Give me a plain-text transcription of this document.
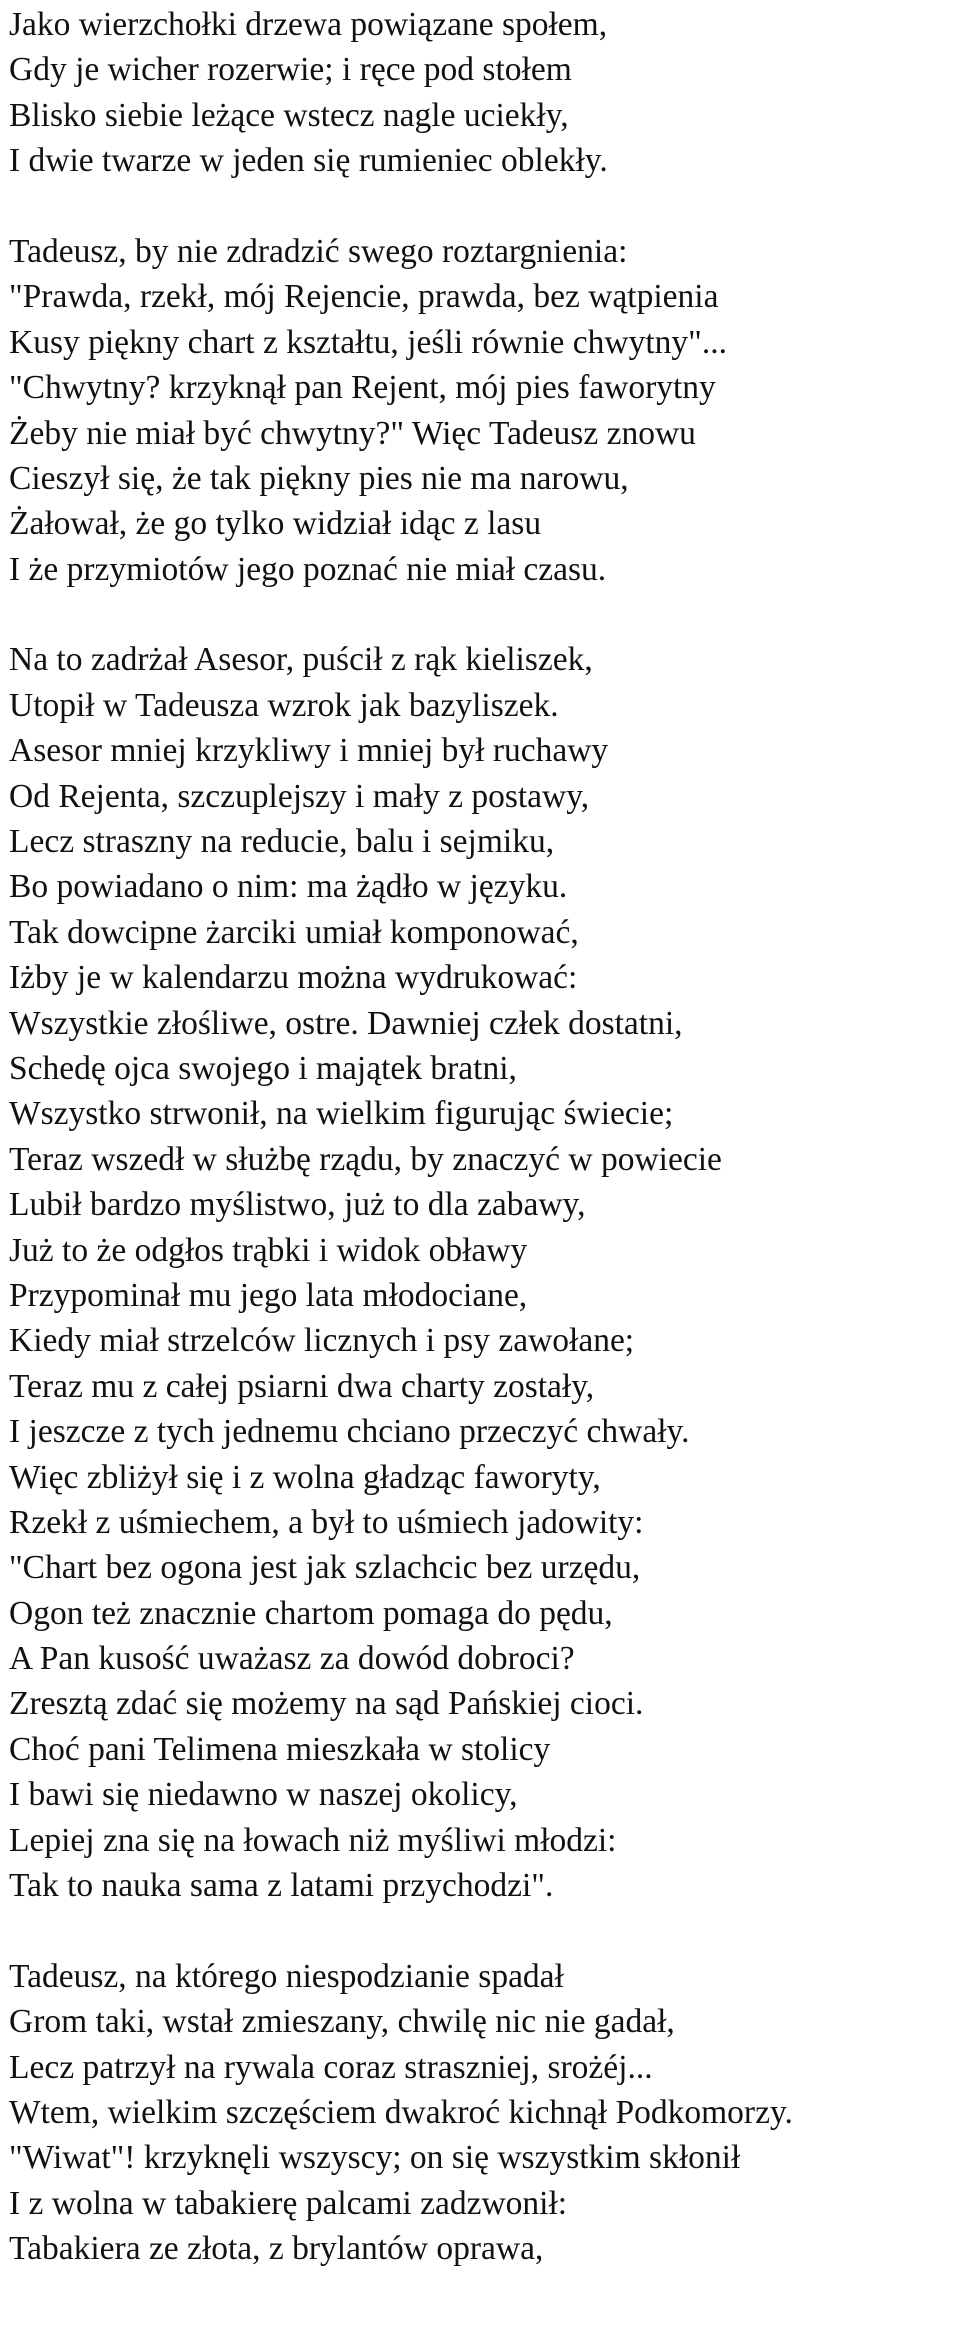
Jako wierzchołki drzewa powiązane społem,
Gdy je wicher rozerwie; i ręce pod stołem
Blisko siebie leżące wstecz nagle uciekły,
I dwie twarze w jeden się rumieniec oblekły.
Tadeusz, by nie zdradzić swego roztargnienia:
"Prawda, rzekł, mój Rejencie, prawda, bez wątpienia
Kusy piękny chart z kształtu, jeśli równie chwytny"...
"Chwytny? krzyknął pan Rejent, mój pies faworytny
Żeby nie miał być chwytny?" Więc Tadeusz znowu
Cieszył się, że tak piękny pies nie ma narowu,
Żałował, że go tylko widział idąc z lasu
I że przymiotów jego poznać nie miał czasu.
Na to zadrżał Asesor, puścił z rąk kieliszek,
Utopił w Tadeusza wzrok jak bazyliszek.
Asesor mniej krzykliwy i mniej był ruchawy
Od Rejenta, szczuplejszy i mały z postawy,
Lecz straszny na reducie, balu i sejmiku,
Bo powiadano o nim: ma żądło w języku.
Tak dowcipne żarciki umiał komponować,
Iżby je w kalendarzu można wydrukować:
Wszystkie złośliwe, ostre. Dawniej człek dostatni,
Schedę ojca swojego i majątek bratni,
Wszystko strwonił, na wielkim figurując świecie;
Teraz wszedł w służbę rządu, by znaczyć w powiecie
Lubił bardzo myślistwo, już to dla zabawy,
Już to że odgłos trąbki i widok obławy
Przypominał mu jego lata młodociane,
Kiedy miał strzelców licznych i psy zawołane;
Teraz mu z całej psiarni dwa charty zostały,
I jeszcze z tych jednemu chciano przeczyć chwały.
Więc zbliżył się i z wolna gładząc faworyty,
Rzekł z uśmiechem, a był to uśmiech jadowity:
"Chart bez ogona jest jak szlachcic bez urzędu,
Ogon też znacznie chartom pomaga do pędu,
A Pan kusość uważasz za dowód dobroci?
Zresztą zdać się możemy na sąd Pańskiej cioci.
Choć pani Telimena mieszkała w stolicy
I bawi się niedawno w naszej okolicy,
Lepiej zna się na łowach niż myśliwi młodzi:
Tak to nauka sama z latami przychodzi".
Tadeusz, na którego niespodzianie spadał
Grom taki, wstał zmieszany, chwilę nic nie gadał,
Lecz patrzył na rywala coraz straszniej, srożéj...
Wtem, wielkim szczęściem dwakroć kichnął Podkomorzy.
"Wiwat"! krzyknęli wszyscy; on się wszystkim skłonił
I z wolna w tabakierę palcami zadzwonił:
Tabakiera ze złota, z brylantów oprawa,
